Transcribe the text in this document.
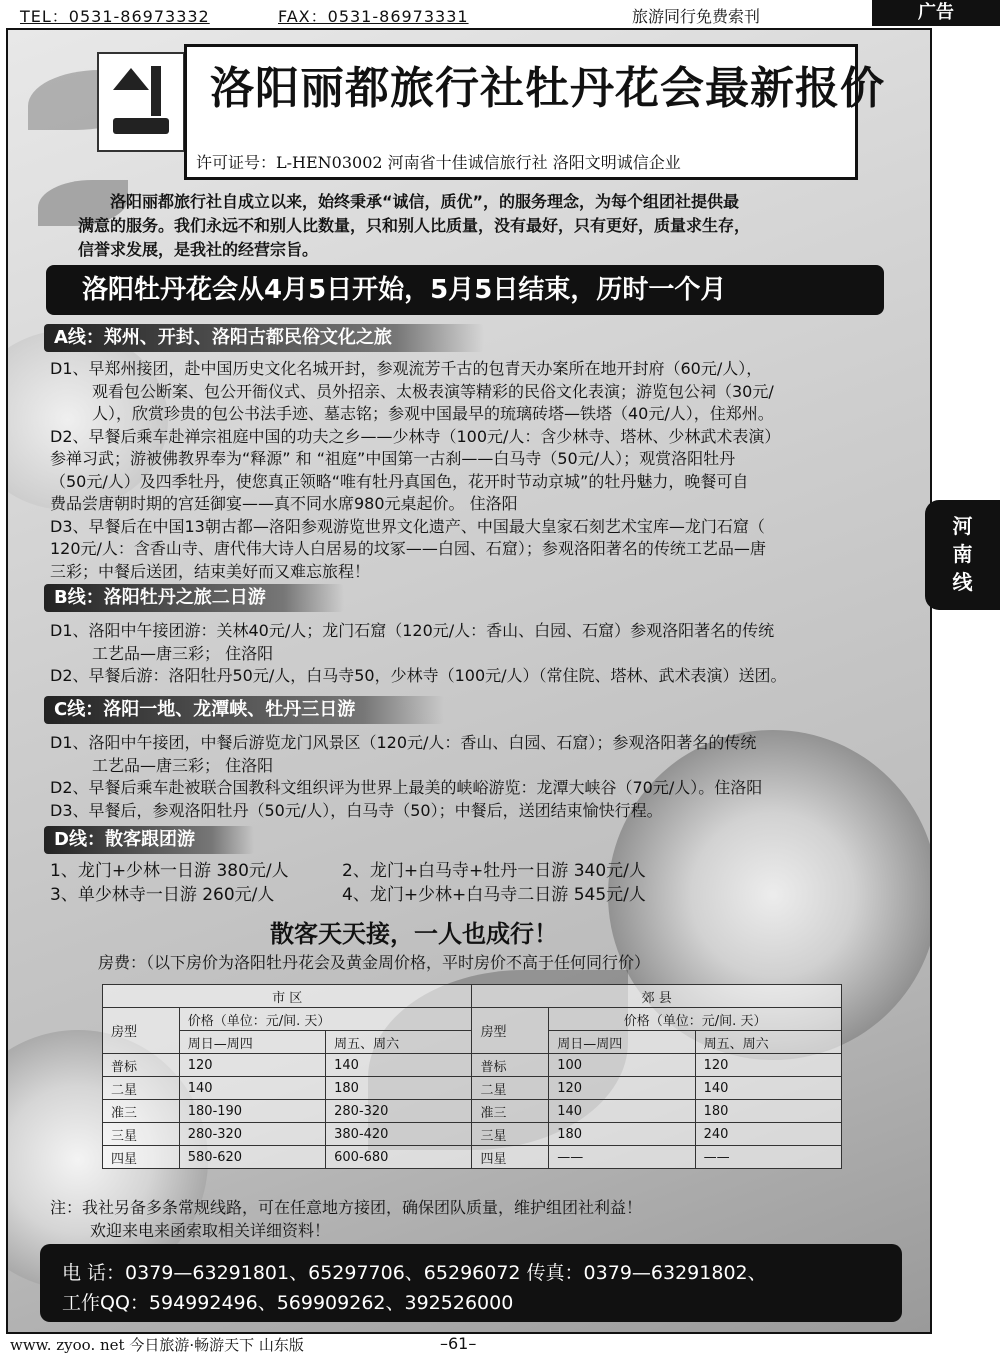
TEL：0531-86973332	FAX：0531-86973331	旅游同行免费索刊	广告
洛阳丽都旅行社牡丹花会最新报价
许可证号：L-HEN03002 河南省十佳诚信旅行社 洛阳文明诚信企业
洛阳丽都旅行社自成立以来，始终秉承“诚信，质优”，的服务理念，为每个组团社提供最
满意的服务。我们永远不和别人比数量，只和别人比质量，没有最好，只有更好，质量求生存，
信誉求发展，是我社的经营宗旨。
洛阳牡丹花会从4月5日开始，5月5日结束，历时一个月
河
南
线
A线：郑州、开封、洛阳古都民俗文化之旅
D1、早郑州接团，赴中国历史文化名城开封，参观流芳千古的包青天办案所在地开封府（60元/人），
观看包公断案、包公开衙仪式、员外招亲、太极表演等精彩的民俗文化表演；游览包公祠（30元/
人），欣赏珍贵的包公书法手迹、墓志铭；参观中国最早的琉璃砖塔—铁塔（40元/人），住郑州。
D2、早餐后乘车赴禅宗祖庭中国的功夫之乡——少林寺（100元/人：含少林寺、塔林、少林武术表演）
参禅习武；游被佛教界奉为“释源” 和 “祖庭”中国第一古刹——白马寺（50元/人）；观赏洛阳牡丹
（50元/人）及四季牡丹，使您真正领略“唯有牡丹真国色，花开时节动京城”的牡丹魅力，晚餐可自
费品尝唐朝时期的宫廷御宴——真不同水席980元桌起价。 住洛阳
D3、早餐后在中国13朝古都—洛阳参观游览世界文化遗产、中国最大皇家石刻艺术宝库—龙门石窟（
120元/人：含香山寺、唐代伟大诗人白居易的坟冢——白园、石窟）；参观洛阳著名的传统工艺品—唐
三彩；中餐后送团，结束美好而又难忘旅程！
B线：洛阳牡丹之旅二日游
D1、洛阳中午接团游：关林40元/人；龙门石窟（120元/人：香山、白园、石窟）参观洛阳著名的传统
工艺品—唐三彩； 住洛阳
D2、早餐后游：洛阳牡丹50元/人，白马寺50，少林寺（100元/人）（常住院、塔林、武术表演）送团。
C线：洛阳一地、龙潭峡、牡丹三日游
D1、洛阳中午接团，中餐后游览龙门风景区（120元/人：香山、白园、石窟）；参观洛阳著名的传统
工艺品—唐三彩； 住洛阳
D2、早餐后乘车赴被联合国教科文组织评为世界上最美的峡峪游览：龙潭大峡谷（70元/人）。住洛阳
D3、早餐后，参观洛阳牡丹（50元/人），白马寺（50）；中餐后，送团结束愉快行程。
D线：散客跟团游
1、龙门+少林一日游 380元/人	2、龙门+白马寺+牡丹一日游 340元/人
3、单少林寺一日游 260元/人	4、龙门+少林+白马寺二日游 545元/人
散客天天接，一人也成行！
房费：（以下房价为洛阳牡丹花会及黄金周价格，平时房价不高于任何同行价）
市 区			郊 县		
房型	价格（单位：元/间. 天）		房型	价格（单位：元/间. 天）	
	周日—周四	周五、周六		周日—周四	周五、周六
普标	120	140	普标	100	120
二星	140	180	二星	120	140
准三	180-190	280-320	准三	140	180
三星	280-320	380-420	三星	180	240
四星	580-620	600-680	四星	——	——
注：我社另备多条常规线路，可在任意地方接团，确保团队质量，维护组团社利益！
欢迎来电来函索取相关详细资料！
电 话：0379—63291801、65297706、65296072 传真：0379—63291802、
工作QQ：594992496、569909262、392526000
www. zyoo. net 今日旅游·畅游天下 山东版	–61–
